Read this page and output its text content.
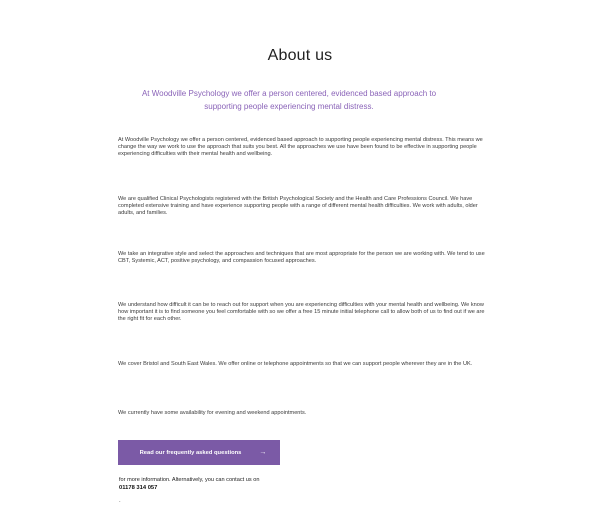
About us
At Woodville Psychology we offer a person centered, evidenced based approach to supporting people experiencing mental distress.
At Woodville Psychology we offer a person centered, evidenced based approach to supporting people experiencing mental distress. This means we change the way we work to use the approach that suits you best. All the approaches we use have been found to be effective in supporting people experiencing difficulties with their mental health and wellbeing.
We are qualified Clinical Psychologists registered with the British Psychological Society and the Health and Care Professions Council. We have completed extensive training and have experience supporting people with a range of different mental health difficulties. We work with adults, older adults, and families.
We take an integrative style and select the approaches and techniques that are most appropriate for the person we are working with. We tend to use CBT, Systemic, ACT, positive psychology, and compassion focused approaches.
We understand how difficult it can be to reach out for support when you are experiencing difficulties with your mental health and wellbeing. We know how important it is to find someone you feel comfortable with so we offer a free 15 minute initial telephone call to allow both of us to find out if we are the right fit for each other.
We cover Bristol and South East Wales. We offer online or telephone appointments so that we can support people wherever they are in the UK.
We currently have some availability for evening and weekend appointments.
Read our frequently asked questions	→
for more information. Alternatively, you can contact us on
01178 314 057
.
